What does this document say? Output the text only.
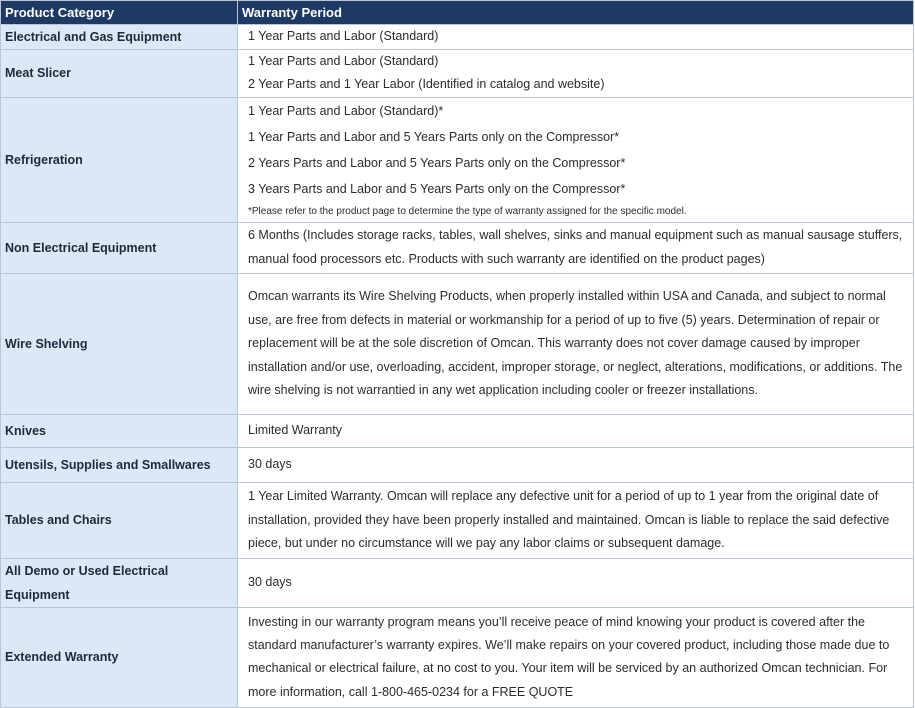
Product Category	Warranty Period
Electrical and Gas Equipment	1 Year Parts and Labor (Standard)

Meat Slicer	1 Year Parts and Labor (Standard)
2 Year Parts and 1 Year Labor (Identified in catalog and website)

Refrigeration	1 Year Parts and Labor (Standard)*
1 Year Parts and Labor and 5 Years Parts only on the Compressor*
2 Years Parts and Labor and 5 Years Parts only on the Compressor*
3 Years Parts and Labor and 5 Years Parts only on the Compressor*
*Please refer to the product page to determine the type of warranty assigned for the specific model.

Non Electrical Equipment	6 Months (Includes storage racks, tables, wall shelves, sinks and manual equipment such as manual sausage stuffers, manual food processors etc. Products with such warranty are identified on the product pages)
Wire Shelving	Omcan warrants its Wire Shelving Products, when properly installed within USA and Canada, and subject to normal use, are free from defects in material or workmanship for a period of up to five (5) years. Determination of repair or replacement will be at the sole discretion of Omcan. This warranty does not cover damage caused by improper installation and/or use, overloading, accident, improper storage, or neglect, alterations, modifications, or additions. The wire shelving is not warrantied in any wet application including cooler or freezer installations.
Knives	Limited Warranty
Utensils, Supplies and Smallwares	30 days
Tables and Chairs	1 Year Limited Warranty. Omcan will replace any defective unit for a period of up to 1 year from the original date of installation, provided they have been properly installed and maintained. Omcan is liable to replace the said defective piece, but under no circumstance will we pay any labor claims or subsequent damage.
All Demo or Used Electrical Equipment	30 days
Extended Warranty	Investing in our warranty program means you’ll receive peace of mind knowing your product is covered after the standard manufacturer’s warranty expires. We’ll make repairs on your covered product, including those made due to mechanical or electrical failure, at no cost to you. Your item will be serviced by an authorized Omcan technician. For more information, call 1-800-465-0234 for a FREE QUOTE
